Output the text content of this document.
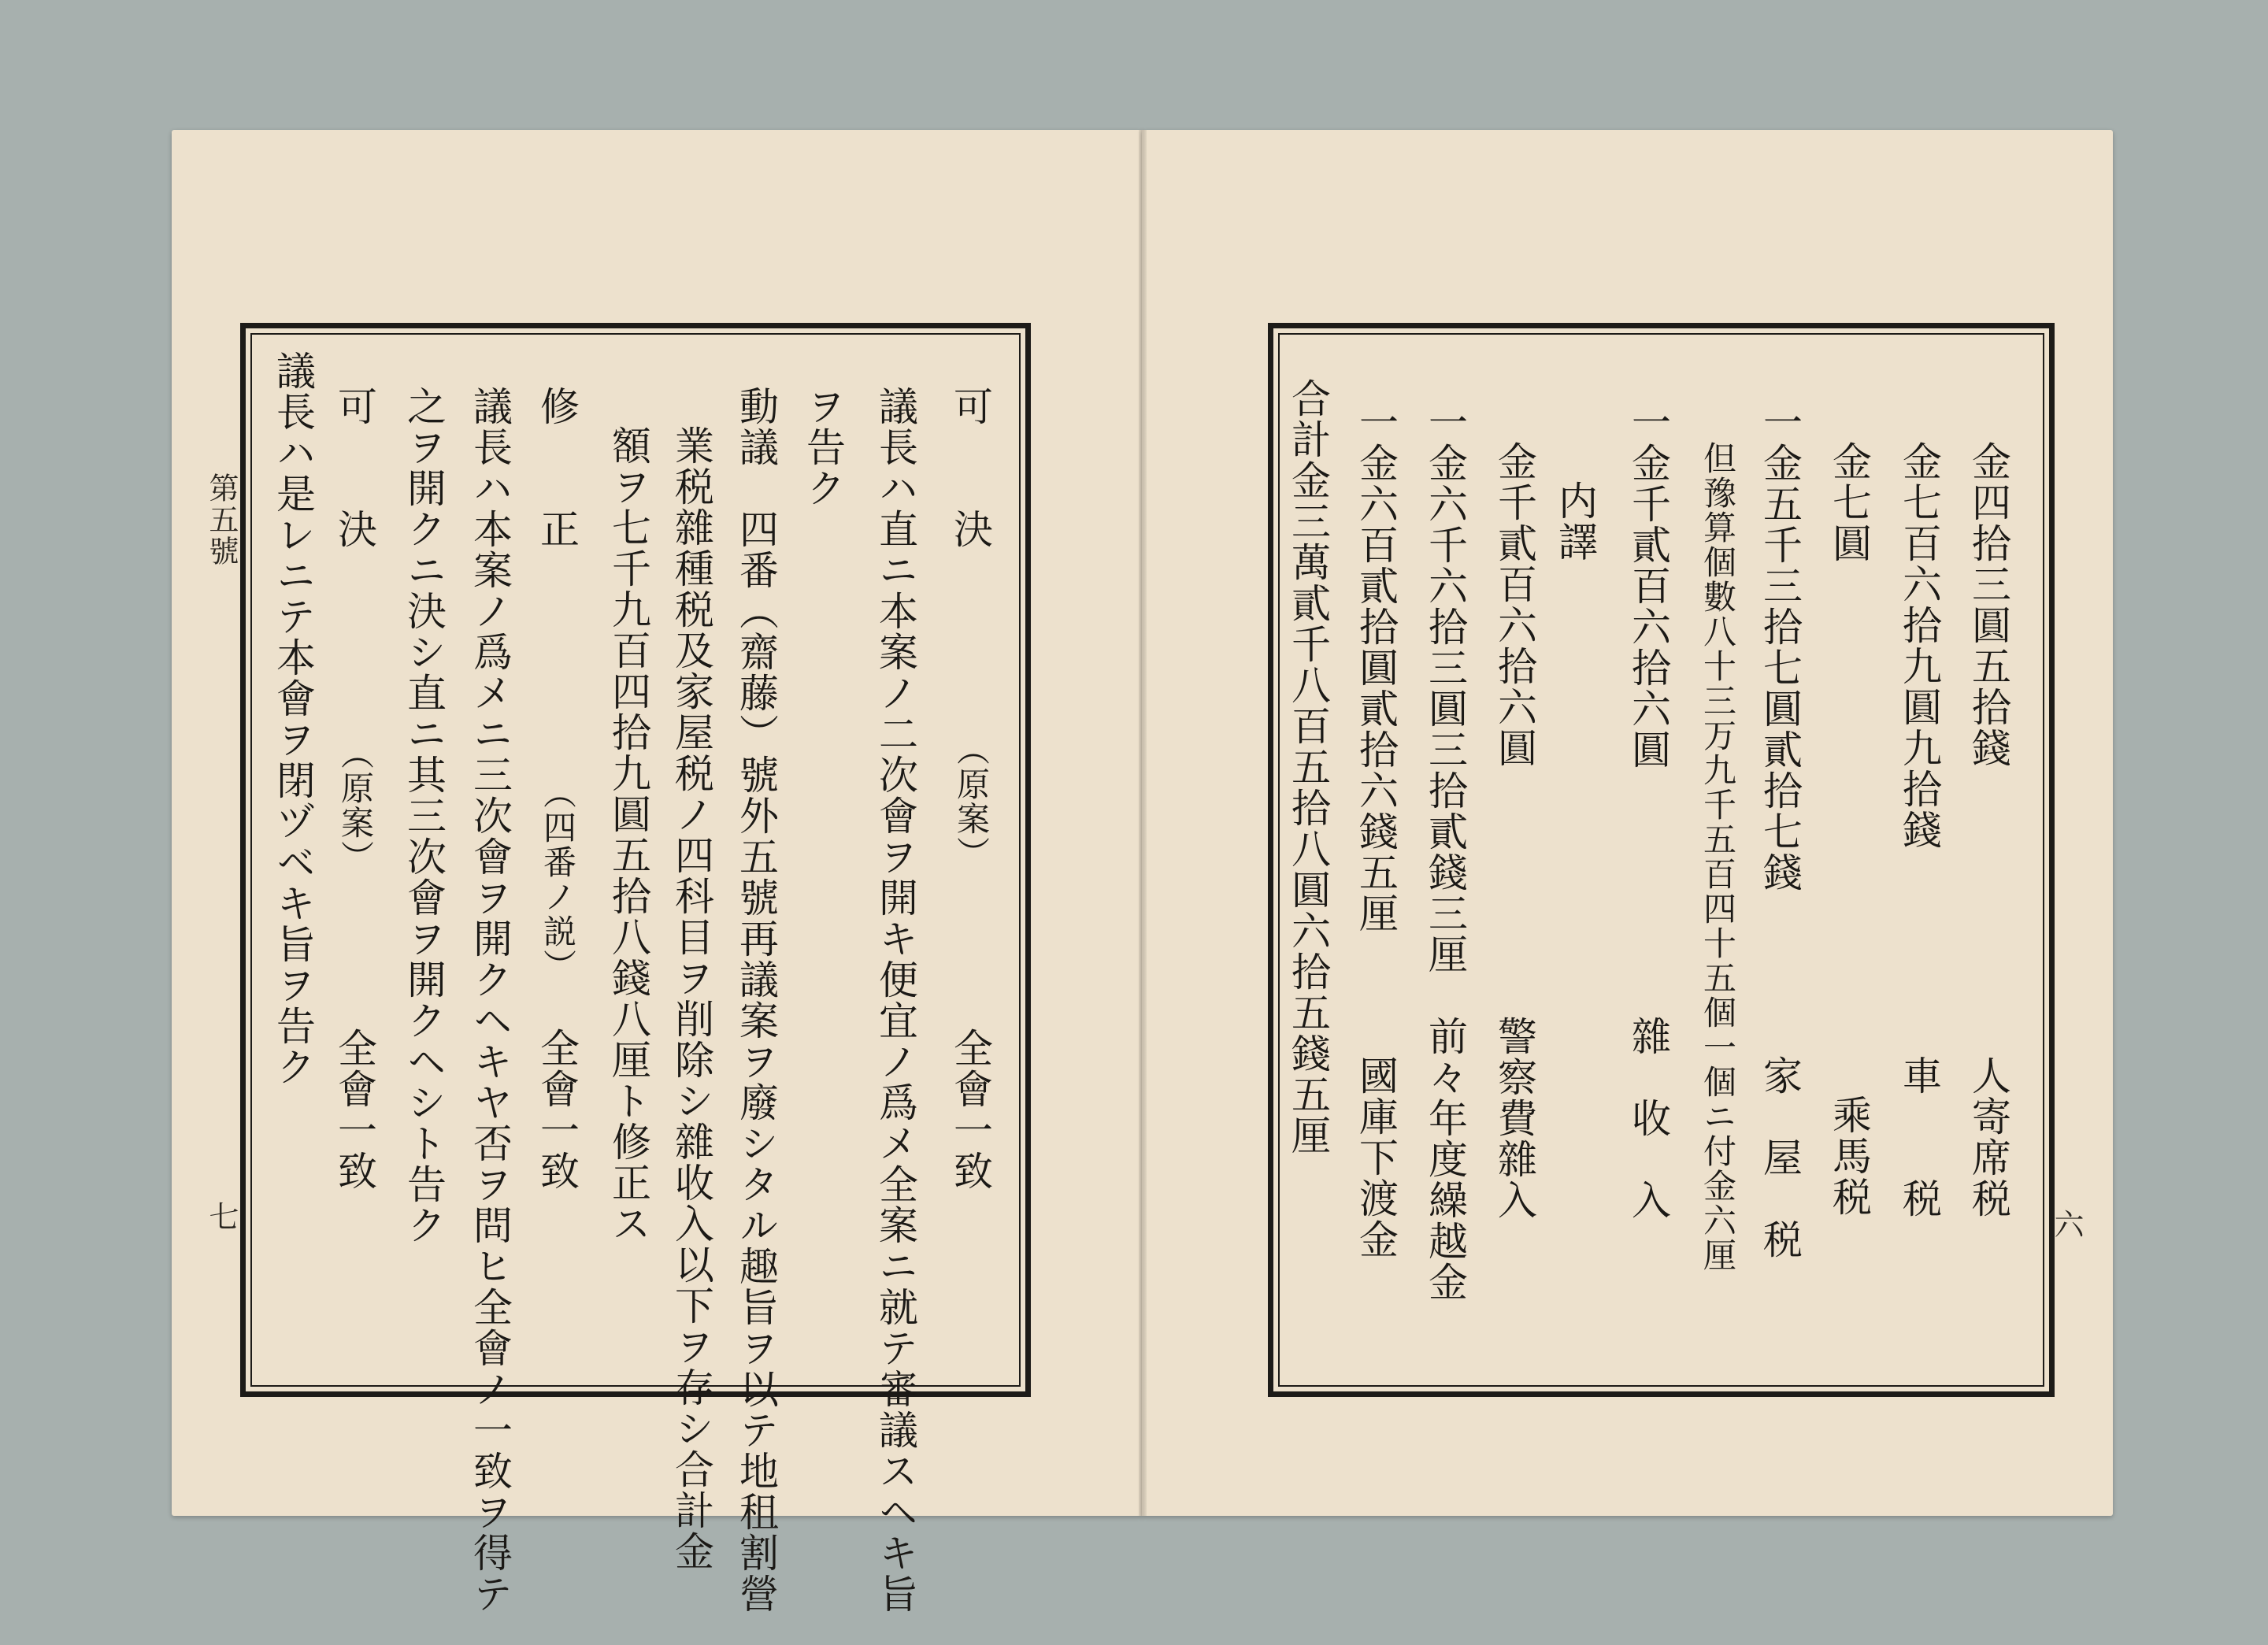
第五號
七
可　　決
（原案）
全會一致
議長ハ直ニ本案ノ二次會ヲ開キ便宜ノ爲メ全案ニ就テ審議スヘキ旨
ヲ告ク
動議　四番（齋藤）號外五號再議案ヲ廢シタル趣旨ヲ以テ地租割營
業税雜種税及家屋税ノ四科目ヲ削除シ雜收入以下ヲ存シ合計金
額ヲ七千九百四拾九圓五拾八錢八厘ト修正ス
修　　正
（四番ノ説）
全會一致
議長ハ本案ノ爲メニ三次會ヲ開クヘキヤ否ヲ問ヒ全會ノ一致ヲ得テ
之ヲ開クニ決シ直ニ其三次會ヲ開クヘシト告ク
可　　決
（原案）
全會一致
議長ハ是レニテ本會ヲ閉ヅベキ旨ヲ告ク
六
金四拾三圓五拾錢
人寄席税
金七百六拾九圓九拾錢
車　　税
金七圓
乘馬税
一金五千三拾七圓貳拾七錢
家　屋　税
但豫算個數八十三万九千五百四十五個一個ニ付金六厘
一金千貳百六拾六圓
雜　收　入
内譯
金千貳百六拾六圓
警察費雜入
一金六千六拾三圓三拾貳錢三厘
前々年度繰越金
一金六百貳拾圓貳拾六錢五厘
國庫下渡金
合計金三萬貳千八百五拾八圓六拾五錢五厘
